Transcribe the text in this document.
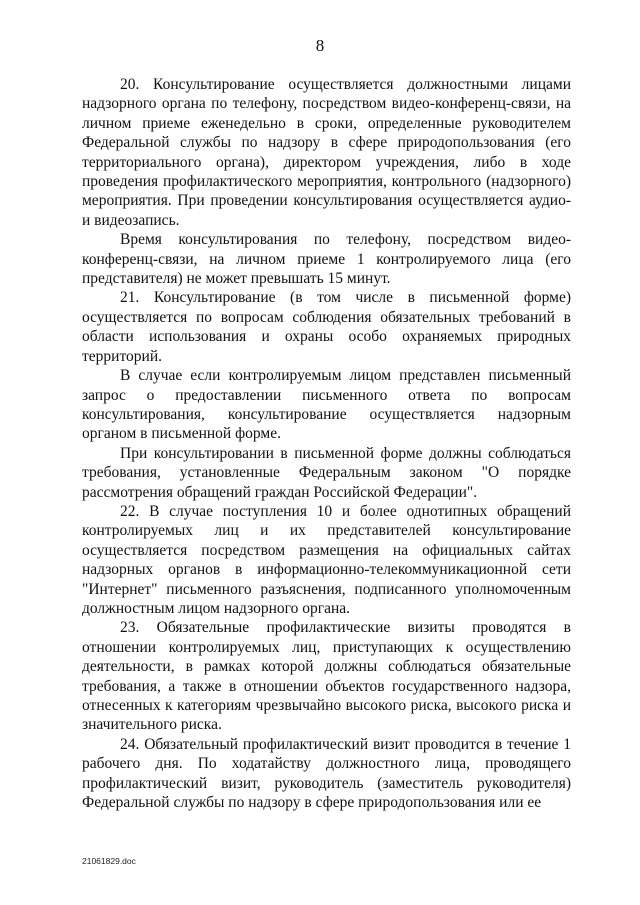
8

20. Консультирование осуществляется должностными лицами надзорного органа по телефону, посредством видео-конференц-связи, на личном приеме еженедельно в сроки, определенные руководителем Федеральной службы по надзору в сфере природопользования (его территориального органа), директором учреждения, либо в ходе проведения профилактического мероприятия, контрольного (надзорного) мероприятия. При проведении консультирования осуществляется аудио- и видеозапись.

Время консультирования по телефону, посредством видео-конференц-связи, на личном приеме 1 контролируемого лица (его представителя) не может превышать 15 минут.

21. Консультирование (в том числе в письменной форме) осуществляется по вопросам соблюдения обязательных требований в области использования и охраны особо охраняемых природных территорий.

В случае если контролируемым лицом представлен письменный запрос о предоставлении письменного ответа по вопросам консультирования, консультирование осуществляется надзорным органом в письменной форме.

При консультировании в письменной форме должны соблюдаться требования, установленные Федеральным законом "О порядке рассмотрения обращений граждан Российской Федерации".

22. В случае поступления 10 и более однотипных обращений контролируемых лиц и их представителей консультирование осуществляется посредством размещения на официальных сайтах надзорных органов в информационно-телекоммуникационной сети "Интернет" письменного разъяснения, подписанного уполномоченным должностным лицом надзорного органа.

23. Обязательные профилактические визиты проводятся в отношении контролируемых лиц, приступающих к осуществлению деятельности, в рамках которой должны соблюдаться обязательные требования, а также в отношении объектов государственного надзора, отнесенных к категориям чрезвычайно высокого риска, высокого риска и значительного риска.

24. Обязательный профилактический визит проводится в течение 1 рабочего дня. По ходатайству должностного лица, проводящего профилактический визит, руководитель (заместитель руководителя) Федеральной службы по надзору в сфере природопользования или ее

21061829.doc
